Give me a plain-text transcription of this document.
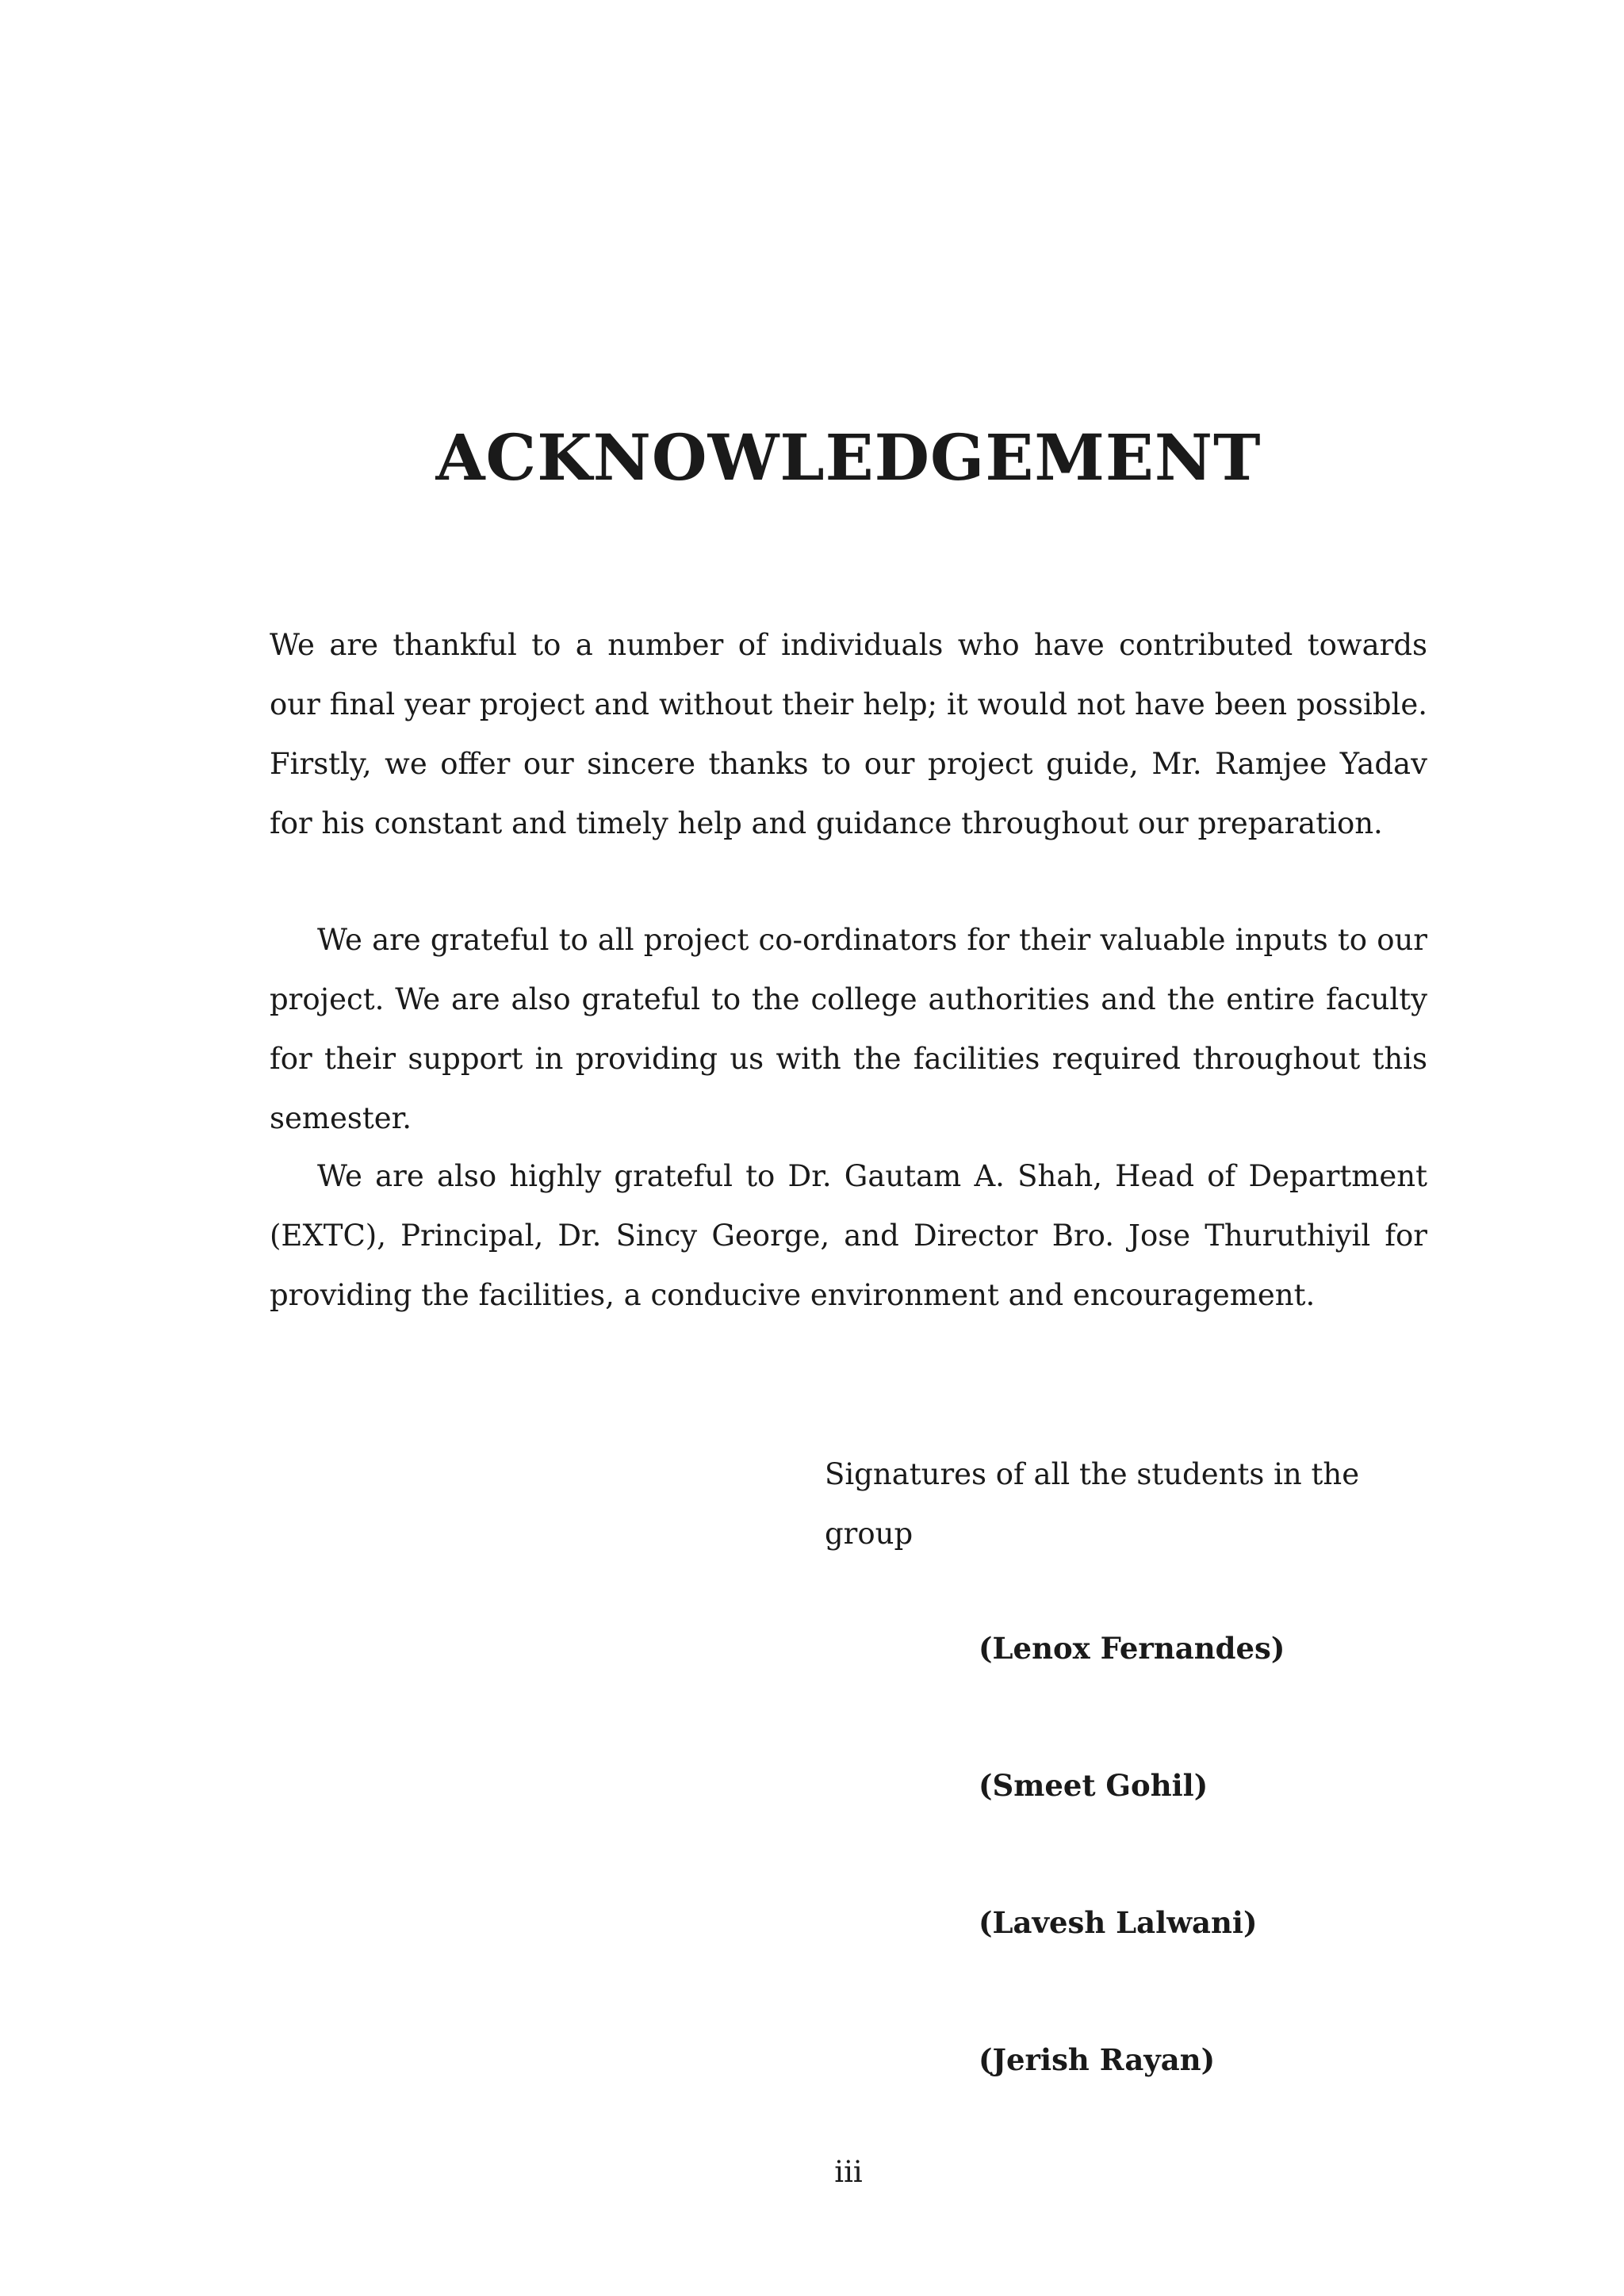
ACKNOWLEDGEMENT

We are thankful to a number of individuals who have contributed towards our final year project and without their help; it would not have been possible. Firstly, we offer our sincere thanks to our project guide, Mr. Ramjee Yadav for his constant and timely help and guidance throughout our preparation.

We are grateful to all project co-ordinators for their valuable inputs to our project. We are also grateful to the college authorities and the entire faculty for their support in providing us with the facilities required throughout this semester.

We are also highly grateful to Dr. Gautam A. Shah, Head of Department (EXTC), Principal, Dr. Sincy George, and Director Bro. Jose Thuruthiyil for providing the facilities, a conducive environment and encouragement.

Signatures of all the students in the group

(Lenox Fernandes)
(Smeet Gohil)
(Lavesh Lalwani)
(Jerish Rayan)

iii
